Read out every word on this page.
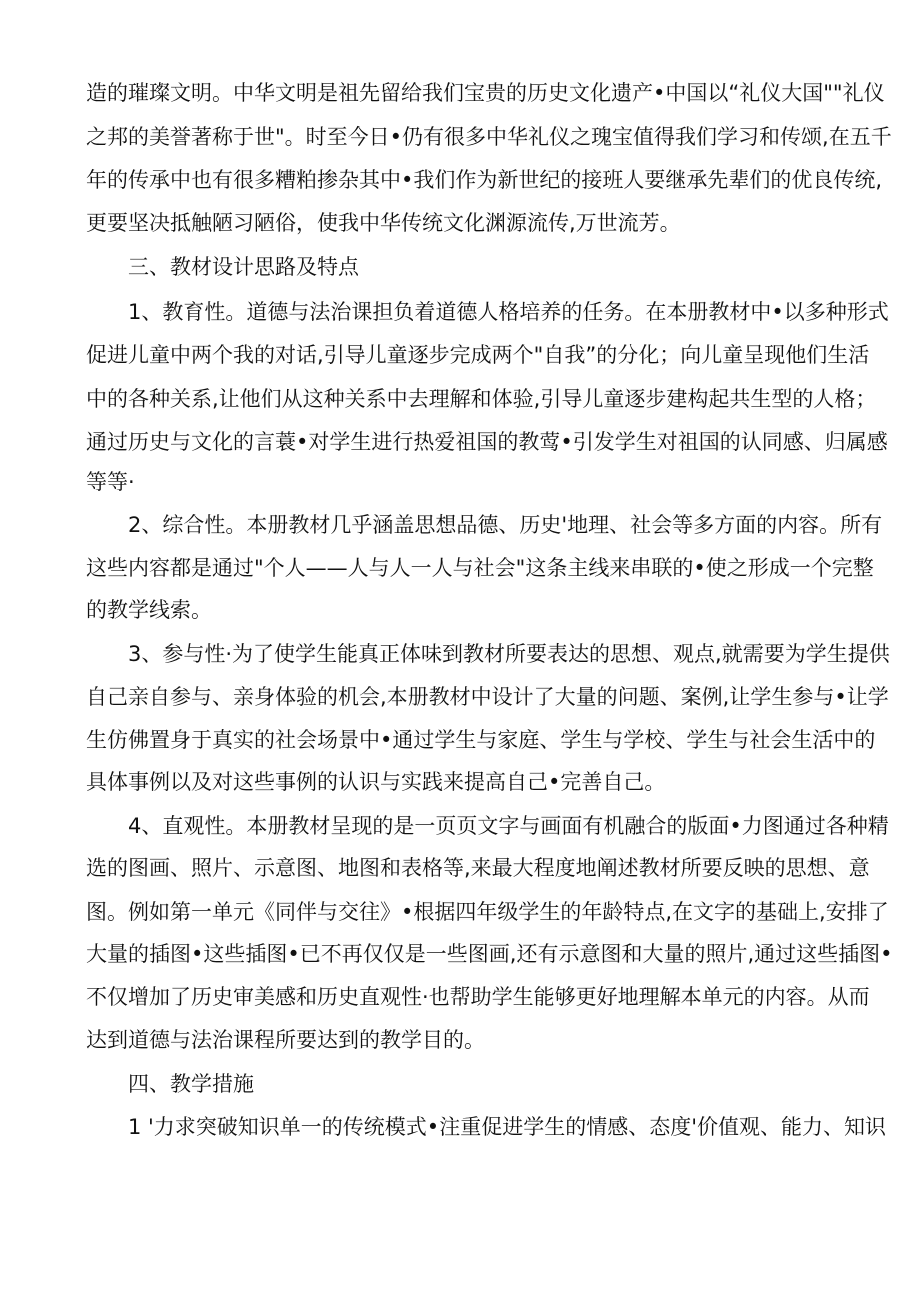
造的璀璨文明。中华文明是祖先留给我们宝贵的历史文化遗产•中国以“礼仪大国""礼仪
之邦的美誉著称于世"。时至今日•仍有很多中华礼仪之瑰宝值得我们学习和传颂,在五千
年的传承中也有很多糟粕掺杂其中•我们作为新世纪的接班人要继承先辈们的优良传统,
更要坚决抵触陋习陋俗，使我中华传统文化渊源流传,万世流芳。
三、教材设计思路及特点
1、教育性。道德与法治课担负着道德人格培养的任务。在本册教材中•以多种形式
促进儿童中两个我的对话,引导儿童逐步完成两个"自我”的分化；向儿童呈现他们生活
中的各种关系,让他们从这种关系中去理解和体验,引导儿童逐步建构起共生型的人格；
通过历史与文化的言蓑•对学生进行热爱祖国的教莺•引发学生对祖国的认同感、归属感
等等·
2、综合性。本册教材几乎涵盖思想品德、历史'地理、社会等多方面的内容。所有
这些内容都是通过"个人——人与人一人与社会"这条主线来串联的•使之形成一个完整
的教学线索。
3、参与性·为了使学生能真正体味到教材所要表达的思想、观点,就需要为学生提供
自己亲自参与、亲身体验的机会,本册教材中设计了大量的问题、案例,让学生参与•让学
生仿佛置身于真实的社会场景中•通过学生与家庭、学生与学校、学生与社会生活中的
具体事例以及对这些事例的认识与实践来提高自己•完善自己。
4、直观性。本册教材呈现的是一页页文字与画面有机融合的版面•力图通过各种精
选的图画、照片、示意图、地图和表格等,来最大程度地阐述教材所要反映的思想、意
图。例如第一单元《同伴与交往》•根据四年级学生的年龄特点,在文字的基础上,安排了
大量的插图•这些插图•已不再仅仅是一些图画,还有示意图和大量的照片,通过这些插图•
不仅增加了历史审美感和历史直观性·也帮助学生能够更好地理解本单元的内容。从而
达到道德与法治课程所要达到的教学目的。
四、教学措施
1 '力求突破知识单一的传统模式•注重促进学生的情感、态度'价值观、能力、知识
